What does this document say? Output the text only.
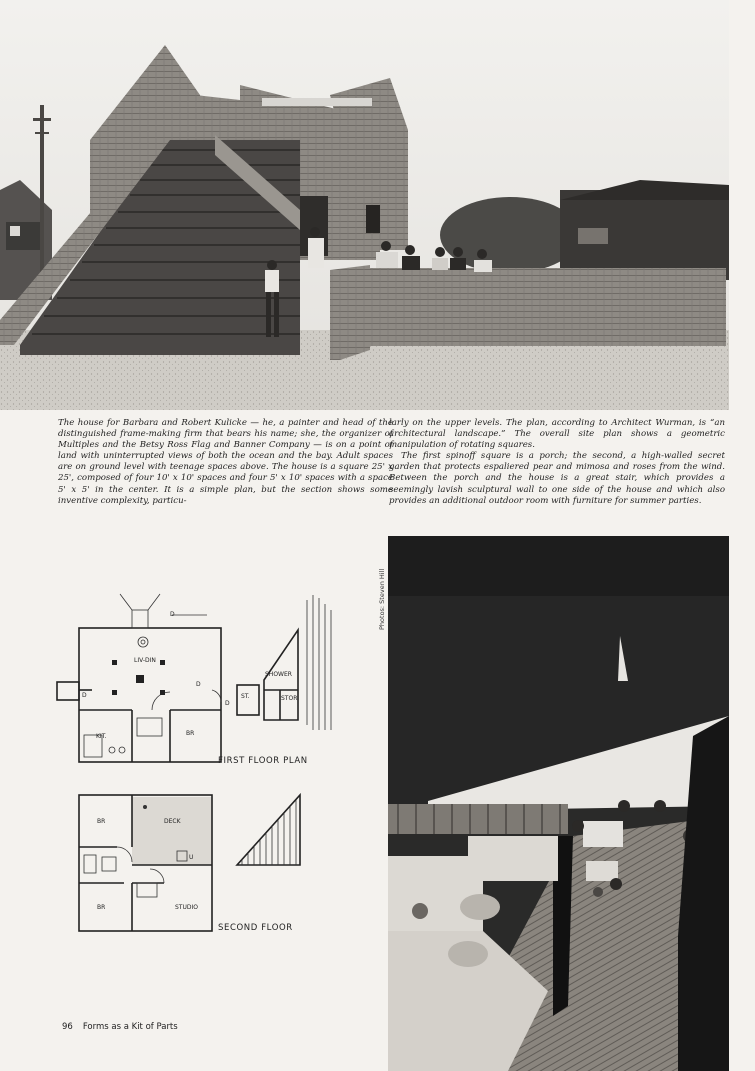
The house for Barbara and Robert Kulicke — he, a painter and head of the distinguished frame-making firm that bears his name; she, the organizer of Multiples and the Betsy Ross Flag and Banner Company — is on a point of land with uninterrupted views of both the ocean and the bay. Adult spaces are on ground level with teenage spaces above. The house is a square 25' x 25', composed of four 10' x 10' spaces and four 5' x 10' spaces with a space 5' x 5' in the center. It is a simple plan, but the section shows some inventive complexity, particu-

larly on the upper levels. The plan, according to Architect Wurman, is “an architectural landscape.” The overall site plan shows a geometric manipulation of rotating squares.

The first spinoff square is a porch; the second, a high-walled secret garden that protects espaliered pear and mimosa and roses from the wind. Between the porch and the house is a great stair, which provides a seemingly lavish sculptural wall to one side of the house and which also provides an additional outdoor room with furniture for summer parties.

LIV-DIN
KIT.	BR
ST.
SHOWER
STOR.
D
D
D
D
FIRST FLOOR PLAN
BR	DECK
U
BR	STUDIO
SECOND FLOOR
Photos: Steven Hill
96 Forms as a Kit of Parts
